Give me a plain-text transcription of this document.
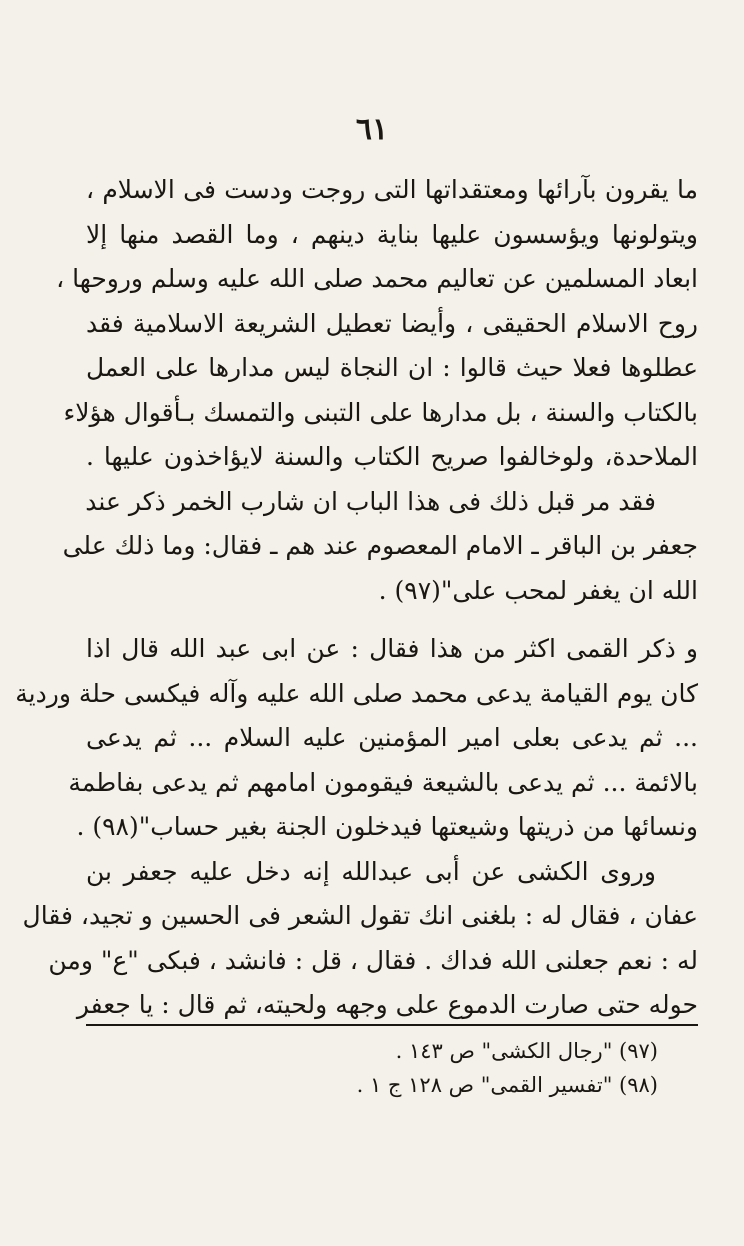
٦١
ما يقرون بآرائها ومعتقداتها التى روجت ودست فى الاسلام ،
ويتولونها ويؤسسون عليها بناية دينهم ، وما القصد منها إلا
ابعاد المسلمين عن تعاليم محمد صلى الله عليه وسلم وروحها ،
روح الاسلام الحقيقى ، وأيضا تعطيل الشريعة الاسلامية فقد
عطلوها فعلا حيث قالوا : ان النجاة ليس مدارها على العمل
بالكتاب والسنة ، بل مدارها على التبنى والتمسك بـأقوال هؤلاء
الملاحدة، ولوخالفوا صريح الكتاب والسنة لايؤاخذون عليها .
فقد مر قبل ذلك فى هذا الباب ان شارب الخمر ذكر عند
جعفر بن الباقر ـ الامام المعصوم عند هم ـ فقال: وما ذلك على
الله ان يغفر لمحب على"(٩٧) .
و ذكر القمى اكثر من هذا فقال : عن ابى عبد الله قال اذا
كان يوم القيامة يدعى محمد صلى الله عليه وآله فيكسى حلة وردية
... ثم يدعى بعلى امير المؤمنين عليه السلام ... ثم يدعى
بالائمة ... ثم يدعى بالشيعة فيقومون امامهم ثم يدعى بفاطمة
ونسائها من ذريتها وشيعتها فيدخلون الجنة بغير حساب"(٩٨) .
وروى الكشى عن أبى عبدالله إنه دخل عليه جعفر بن
عفان ، فقال له : بلغنى انك تقول الشعر فى الحسين و تجيد، فقال
له : نعم جعلنى الله فداك . فقال ، قل : فانشد ، فبكى "ع" ومن
حوله حتى صارت الدموع على وجهه ولحيته، ثم قال : يا جعفر
(٩٧) "رجال الكشى" ص ١٤٣ .
(٩٨) "تفسير القمى" ص ١٢٨ ج ١ .
